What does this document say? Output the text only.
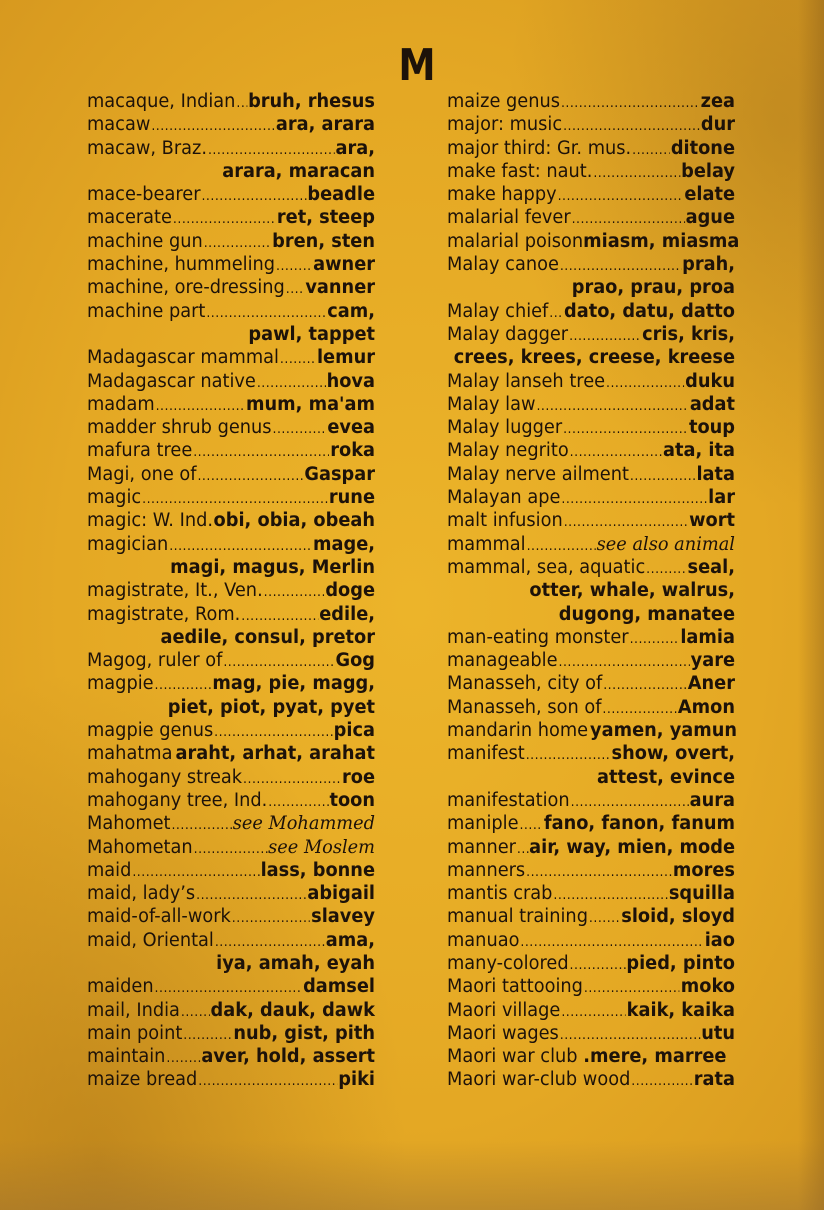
M
macaque, Indian ..... bruh, rhesus
macaw .....	ara, arara
macaw, Braz. .....	ara,
arara, maracan
mace-bearer .....	beadle
macerate .....	ret, steep
machine gun .....	bren, sten
machine, hummeling ..... awner
machine, ore-dressing ..... vanner
machine part .....	cam,
pawl, tappet
Madagascar mammal ..... lemur
Madagascar native .....	hova
madam .....	mum, ma'am
madder shrub genus .....	evea
mafura tree .....	roka
Magi, one of .....	Gaspar
magic .....	rune
magic: W. Ind. obi, obia, obeah
magician .....	mage,
magi, magus, Merlin
magistrate, It., Ven. .....	doge
magistrate, Rom. .....	edile,
aedile, consul, pretor
Magog, ruler of .....	Gog
magpie .....	mag, pie, magg,
piet, piot, pyat, pyet
magpie genus .....	pica
mahatma ..... araht, arhat, arahat
mahogany streak .....	roe
mahogany tree, Ind. .....	toon
Mahomet .....	see Mohammed
Mahometan .....	see Moslem
maid .....	lass, bonne
maid, lady’s .....	abigail
maid-of-all-work .....	slavey
maid, Oriental .....	ama,
iya, amah, eyah
maiden .....	damsel
mail, India ..... dak, dauk, dawk
main point .....	nub, gist, pith
maintain ..... aver, hold, assert
maize bread .....	piki
maize genus .....	zea
major: music .....	dur
major third: Gr. mus. ..... ditone
make fast: naut. .....	belay
make happy .....	elate
malarial fever .....	ague
malarial poison miasm, miasma
Malay canoe .....	prah,
prao, prau, proa
Malay chief ..... dato, datu, datto
Malay dagger .....	cris, kris,
crees, krees, creese, kreese
Malay lanseh tree .....	duku
Malay law .....	adat
Malay lugger .....	toup
Malay negrito .....	ata, ita
Malay nerve ailment .....	lata
Malayan ape .....	lar
malt infusion .....	wort
mammal .....	see also animal
mammal, sea, aquatic ..... seal,
otter, whale, walrus,
dugong, manatee
man-eating monster .....	lamia
manageable .....	yare
Manasseh, city of .....	Aner
Manasseh, son of .....	Amon
mandarin home yamen, yamun
manifest .....	show, overt,
attest, evince
manifestation .....	aura
maniple ..... fano, fanon, fanum
manner ..... air, way, mien, mode
manners .....	mores
mantis crab .....	squilla
manual training ..... sloid, sloyd
manuao .....	iao
many-colored .....	pied, pinto
Maori tattooing .....	moko
Maori village .....	kaik, kaika
Maori wages .....	utu
Maori war club .mere, marree
Maori war-club wood .....	rata
